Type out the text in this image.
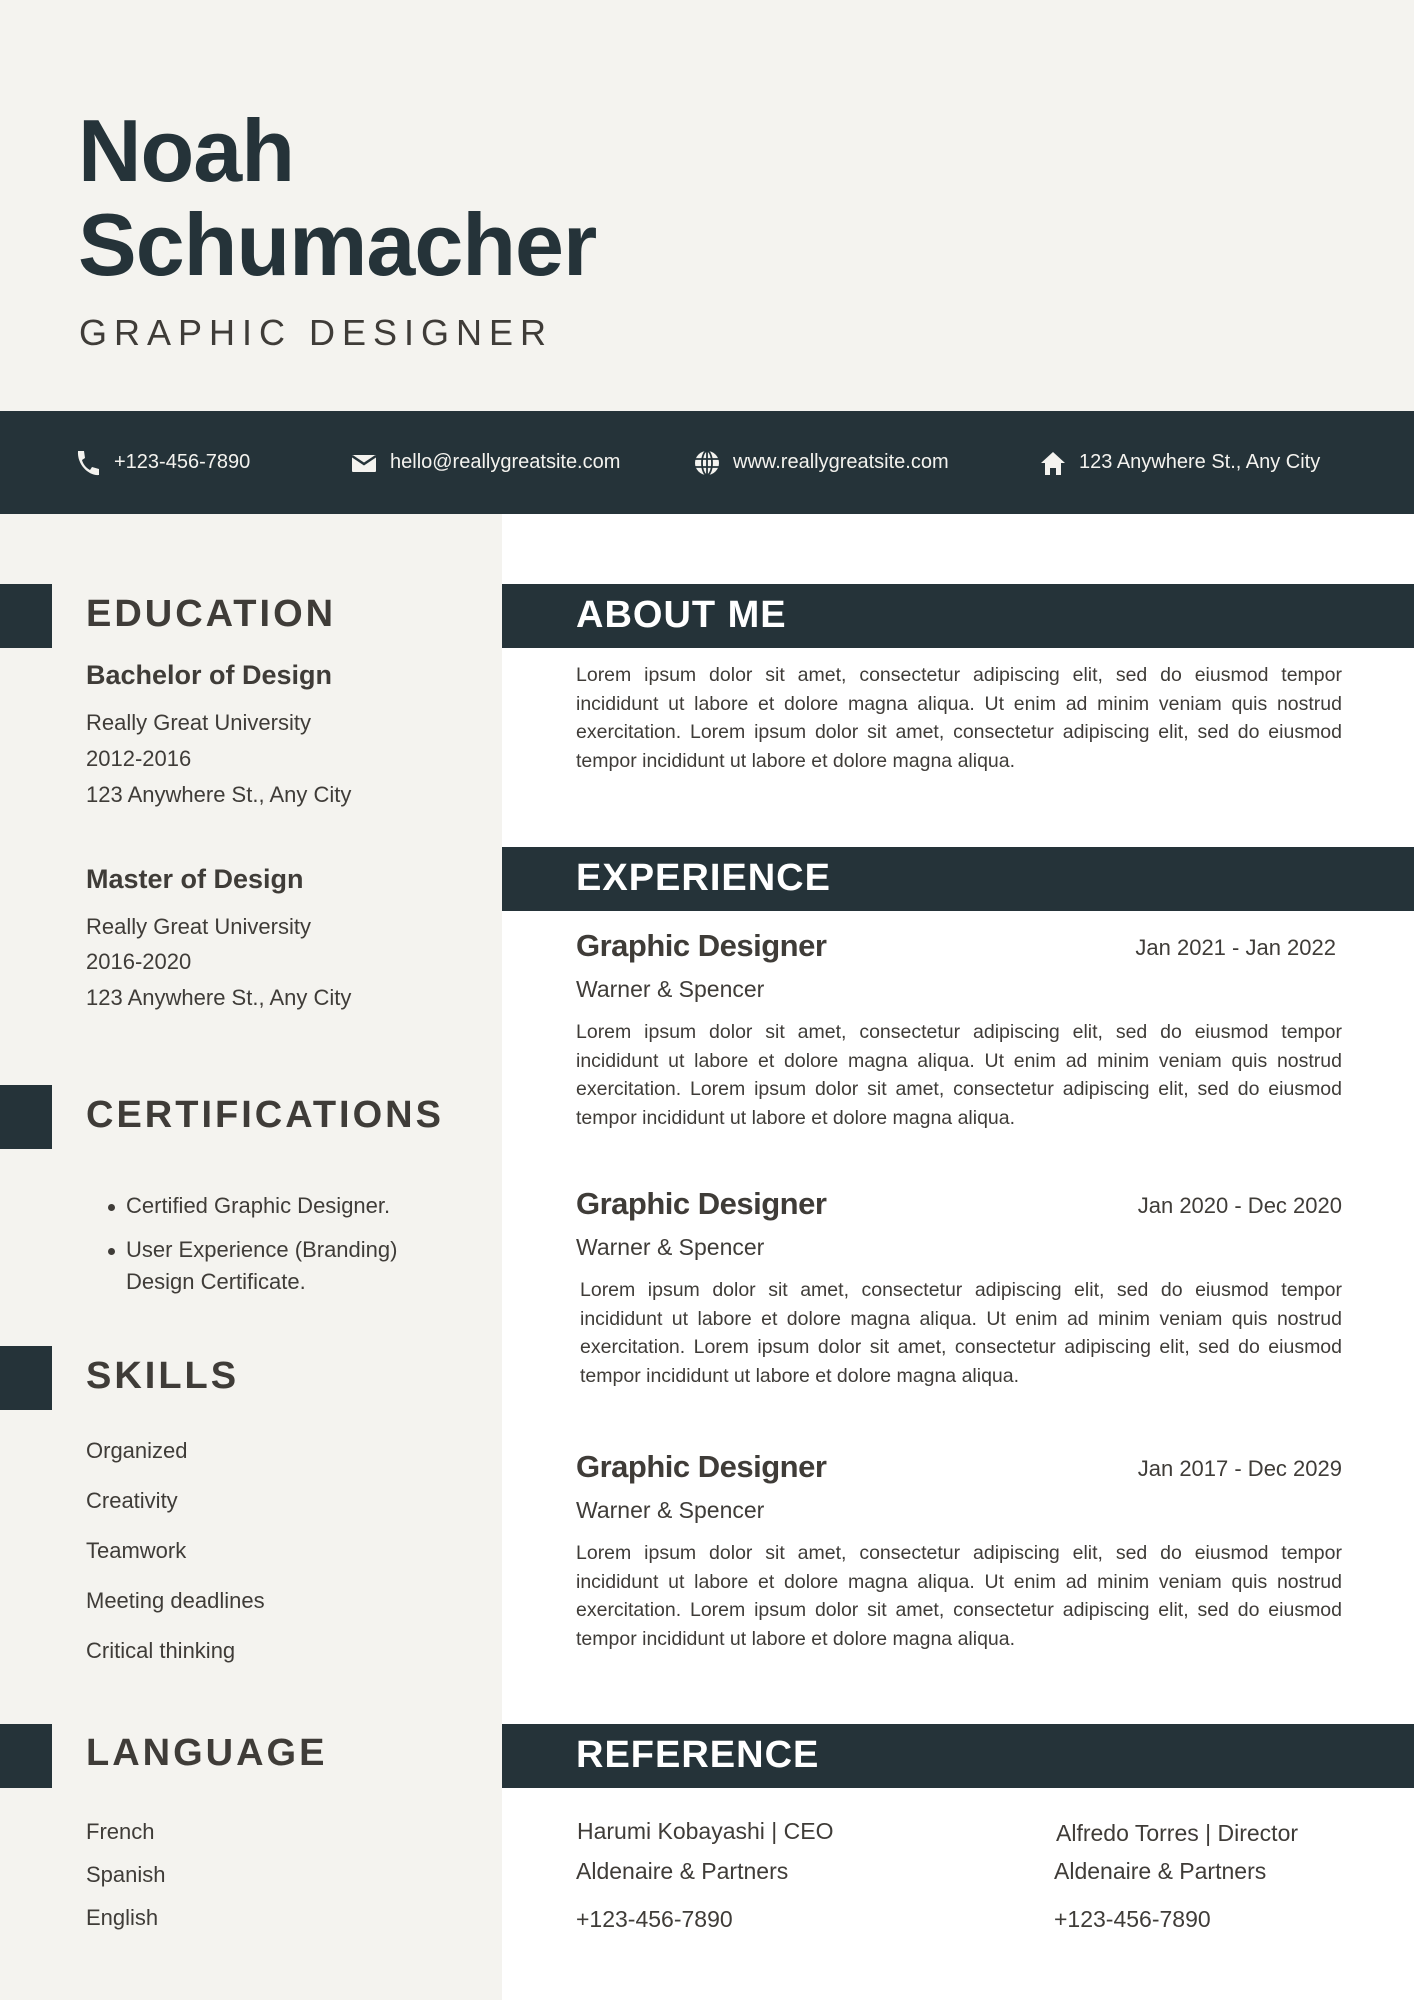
Noah
Schumacher
GRAPHIC DESIGNER
+123-456-7890	hello@reallygreatsite.com	www.reallygreatsite.com	123 Anywhere St., Any City
EDUCATION
Bachelor of Design
Really Great University
2012-2016
123 Anywhere St., Any City
Master of Design
Really Great University
2016-2020
123 Anywhere St., Any City
CERTIFICATIONS
Certified Graphic Designer.
User Experience (Branding) Design Certificate.
SKILLS
Organized
Creativity
Teamwork
Meeting deadlines
Critical thinking
LANGUAGE
French
Spanish
English
ABOUT ME

Lorem ipsum dolor sit amet, consectetur adipiscing elit, sed do eiusmod tempor incididunt ut labore et dolore magna aliqua. Ut enim ad minim veniam quis nostrud exercitation. Lorem ipsum dolor sit amet, consectetur adipiscing elit, sed do eiusmod tempor incididunt ut labore et dolore magna aliqua.

EXPERIENCE
Graphic Designer	Jan 2021 - Jan 2022
Warner & Spencer

Lorem ipsum dolor sit amet, consectetur adipiscing elit, sed do eiusmod tempor incididunt ut labore et dolore magna aliqua. Ut enim ad minim veniam quis nostrud exercitation. Lorem ipsum dolor sit amet, consectetur adipiscing elit, sed do eiusmod tempor incididunt ut labore et dolore magna aliqua.

Graphic Designer	Jan 2020 - Dec 2020
Warner & Spencer

Lorem ipsum dolor sit amet, consectetur adipiscing elit, sed do eiusmod tempor incididunt ut labore et dolore magna aliqua. Ut enim ad minim veniam quis nostrud exercitation. Lorem ipsum dolor sit amet, consectetur adipiscing elit, sed do eiusmod tempor incididunt ut labore et dolore magna aliqua.

Graphic Designer	Jan 2017 - Dec 2029
Warner & Spencer

Lorem ipsum dolor sit amet, consectetur adipiscing elit, sed do eiusmod tempor incididunt ut labore et dolore magna aliqua. Ut enim ad minim veniam quis nostrud exercitation. Lorem ipsum dolor sit amet, consectetur adipiscing elit, sed do eiusmod tempor incididunt ut labore et dolore magna aliqua.

REFERENCE
Harumi Kobayashi | CEO
Aldenaire & Partners
+123-456-7890
Alfredo Torres | Director
Aldenaire & Partners
+123-456-7890
